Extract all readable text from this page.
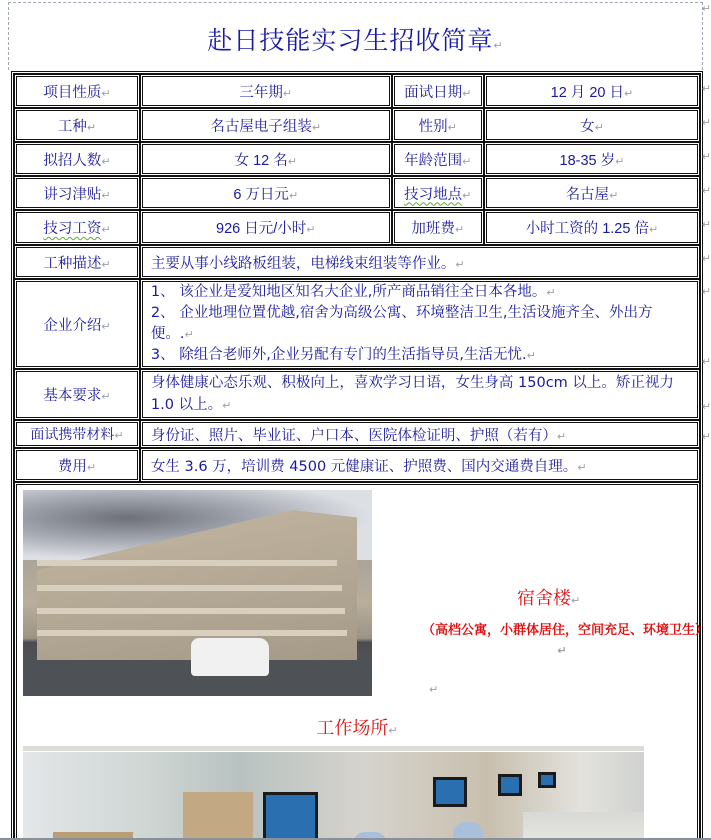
赴日技能实习生招收简章↵
↵
项目性质↵	三年期↵	面试日期↵	12 月 20 日↵
工种↵	名古屋电子组装↵	性别↵	女↵
拟招人数↵	女 12 名↵	年龄范围↵	18-35 岁↵
讲习津贴↵	6 万日元↵	技习地点↵	名古屋↵
技习工资↵	926 日元/小时↵	加班费↵	小时工资的 1.25 倍↵
工种描述↵	主要从事小线路板组装，电梯线束组装等作业。↵		
企业介绍↵	1、 该企业是爱知地区知名大企业,所产商品销往全日本各地。↵
2、 企业地理位置优越,宿舍为高级公寓、环境整洁卫生,生活设施齐全、外出方便。.↵
3、 除组合老师外,企业另配有专门的生活指导员,生活无忧.↵		

基本要求↵	身体健康心态乐观、积极向上，喜欢学习日语，女生身高 150cm 以上。矫正视力 1.0 以上。↵		
面试携带材料↵	身份证、照片、毕业证、户口本、医院体检证明、护照（若有）↵		
费用↵	女生 3.6 万，培训费 4500 元健康证、护照费、国内交通费自理。↵		

宿舍楼↵
（高档公寓，小群体居住，空间充足、环境卫生）↵
↵
工作场所↵			
↵
↵
↵
↵
↵
↵
↵
↵
↵
↵
